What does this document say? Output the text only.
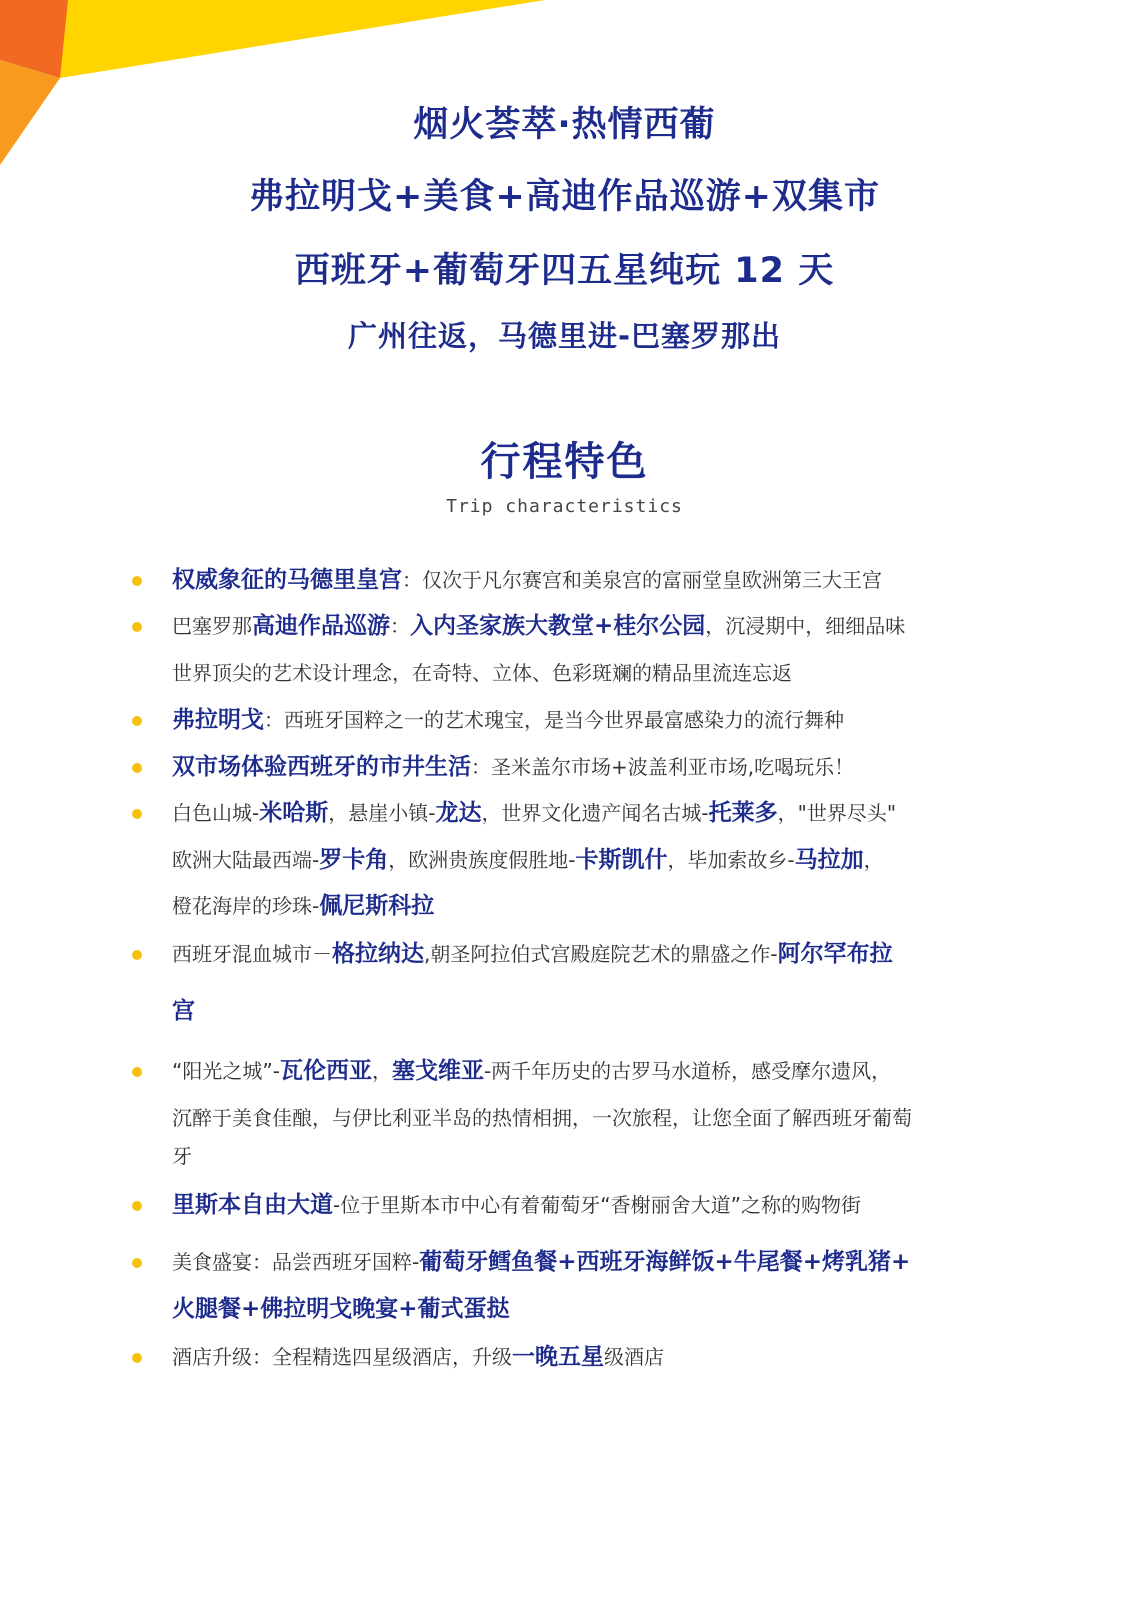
烟火荟萃·热情西葡
弗拉明戈+美食+高迪作品巡游+双集市
西班牙+葡萄牙四五星纯玩 12 天
广州往返，马德里进-巴塞罗那出
行程特色
Trip characteristics
权威象征的马德里皇宫：仅次于凡尔赛宫和美泉宫的富丽堂皇欧洲第三大王宫
巴塞罗那高迪作品巡游：入内圣家族大教堂+桂尔公园，沉浸期中，细细品味
世界顶尖的艺术设计理念，在奇特、立体、色彩斑斓的精品里流连忘返
弗拉明戈：西班牙国粹之一的艺术瑰宝，是当今世界最富感染力的流行舞种
双市场体验西班牙的市井生活：圣米盖尔市场+波盖利亚市场,吃喝玩乐！
白色山城-米哈斯，悬崖小镇-龙达，世界文化遗产闻名古城-托莱多，"世界尽头"
欧洲大陆最西端-罗卡角，欧洲贵族度假胜地-卡斯凯什，毕加索故乡-马拉加，
橙花海岸的珍珠-佩尼斯科拉
西班牙混血城市－格拉纳达,朝圣阿拉伯式宫殿庭院艺术的鼎盛之作-阿尔罕布拉
宫
“阳光之城”-瓦伦西亚，塞戈维亚-两千年历史的古罗马水道桥，感受摩尔遗风，
沉醉于美食佳酿，与伊比利亚半岛的热情相拥，一次旅程，让您全面了解西班牙葡萄
牙
里斯本自由大道-位于里斯本市中心有着葡萄牙“香榭丽舍大道”之称的购物街
美食盛宴：品尝西班牙国粹-葡萄牙鳕鱼餐+西班牙海鲜饭+牛尾餐+烤乳猪+
火腿餐+佛拉明戈晚宴+葡式蛋挞
酒店升级：全程精选四星级酒店，升级一晚五星级酒店
